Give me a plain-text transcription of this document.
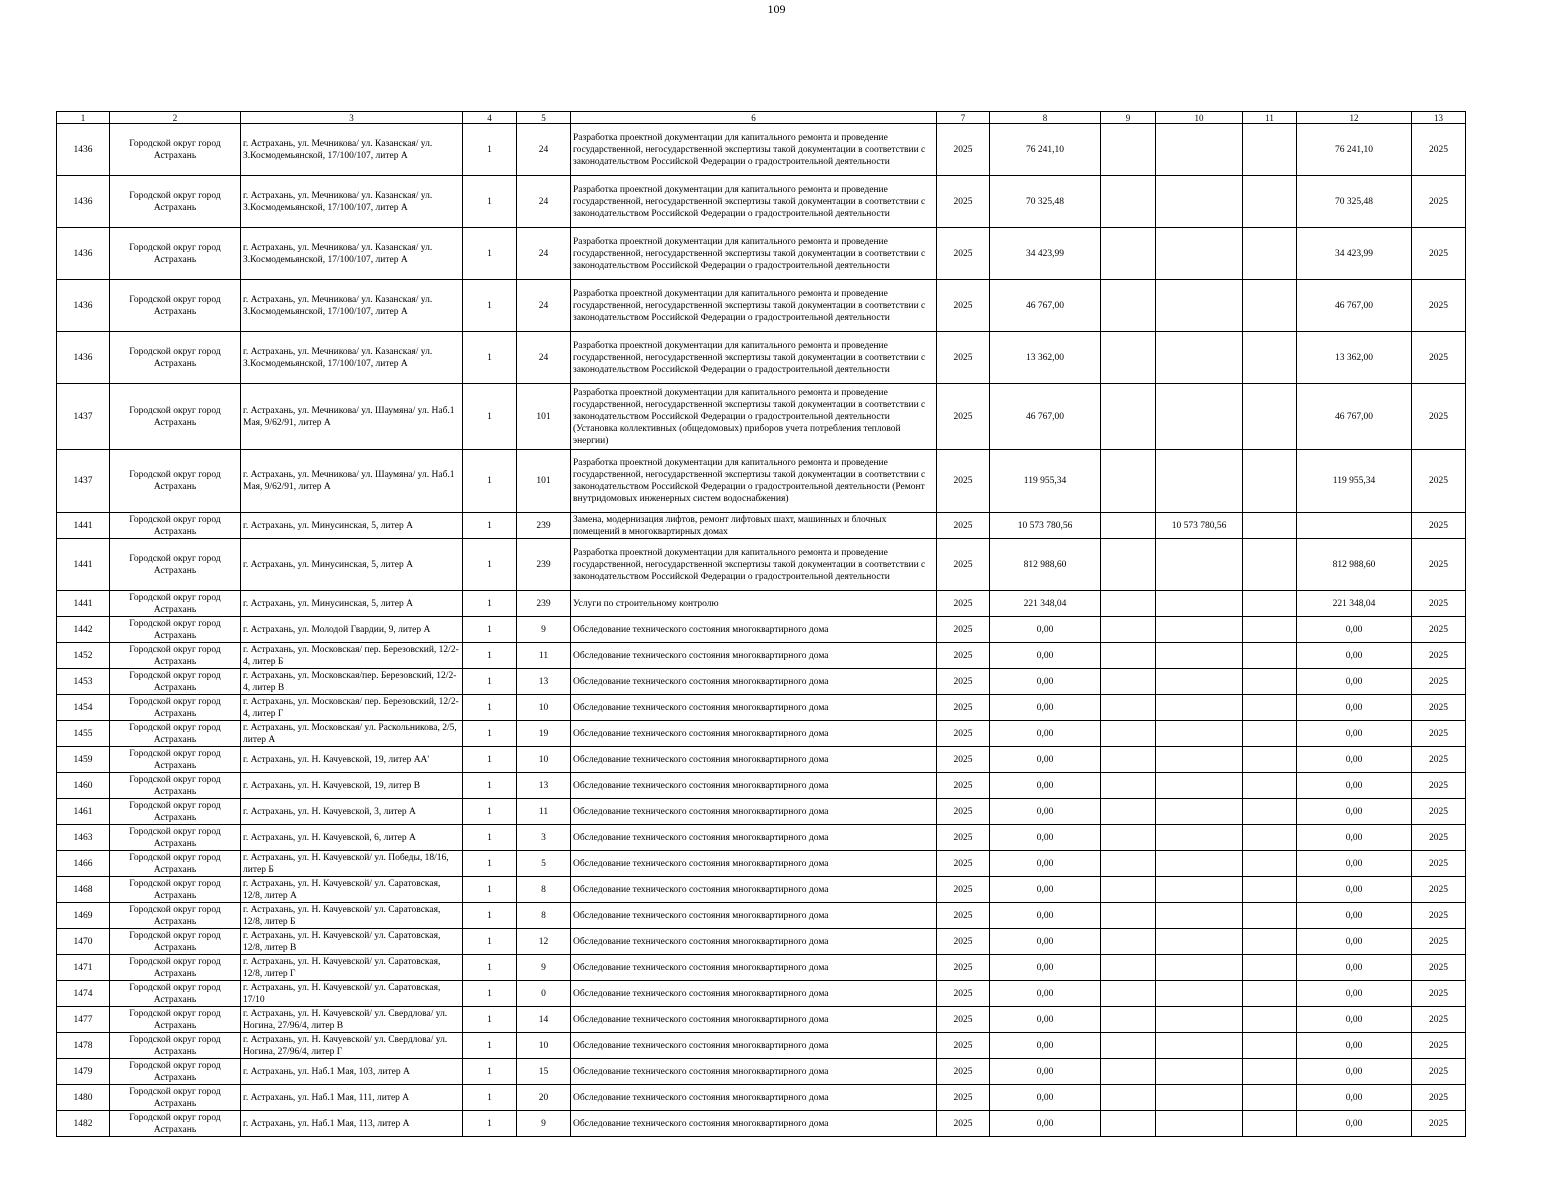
109
1	2	3	4	5	6	7	8	9	10	11	12	13
1436	Городской округ город Астрахань	г. Астрахань, ул. Мечникова/ ул. Казанская/ ул. З.Космодемьянской, 17/100/107, литер А	1	24	Разработка проектной документации для капитального ремонта и проведение государственной, негосударственной экспертизы такой документации в соответствии с законодательством Российской Федерации о градостроительной деятельности	2025	76 241,10				76 241,10	2025
1436	Городской округ город Астрахань	г. Астрахань, ул. Мечникова/ ул. Казанская/ ул. З.Космодемьянской, 17/100/107, литер А	1	24	Разработка проектной документации для капитального ремонта и проведение государственной, негосударственной экспертизы такой документации в соответствии с законодательством Российской Федерации о градостроительной деятельности	2025	70 325,48				70 325,48	2025
1436	Городской округ город Астрахань	г. Астрахань, ул. Мечникова/ ул. Казанская/ ул. З.Космодемьянской, 17/100/107, литер А	1	24	Разработка проектной документации для капитального ремонта и проведение государственной, негосударственной экспертизы такой документации в соответствии с законодательством Российской Федерации о градостроительной деятельности	2025	34 423,99				34 423,99	2025
1436	Городской округ город Астрахань	г. Астрахань, ул. Мечникова/ ул. Казанская/ ул. З.Космодемьянской, 17/100/107, литер А	1	24	Разработка проектной документации для капитального ремонта и проведение государственной, негосударственной экспертизы такой документации в соответствии с законодательством Российской Федерации о градостроительной деятельности	2025	46 767,00				46 767,00	2025
1436	Городской округ город Астрахань	г. Астрахань, ул. Мечникова/ ул. Казанская/ ул. З.Космодемьянской, 17/100/107, литер А	1	24	Разработка проектной документации для капитального ремонта и проведение государственной, негосударственной экспертизы такой документации в соответствии с законодательством Российской Федерации о градостроительной деятельности	2025	13 362,00				13 362,00	2025
1437	Городской округ город Астрахань	г. Астрахань, ул. Мечникова/ ул. Шаумяна/ ул. Наб.1 Мая, 9/62/91, литер А	1	101	Разработка проектной документации для капитального ремонта и проведение государственной, негосударственной экспертизы такой документации в соответствии с законодательством Российской Федерации о градостроительной деятельности (Установка коллективных (общедомовых) приборов учета потребления тепловой энергии)	2025	46 767,00				46 767,00	2025
1437	Городской округ город Астрахань	г. Астрахань, ул. Мечникова/ ул. Шаумяна/ ул. Наб.1 Мая, 9/62/91, литер А	1	101	Разработка проектной документации для капитального ремонта и проведение государственной, негосударственной экспертизы такой документации в соответствии с законодательством Российской Федерации о градостроительной деятельности (Ремонт внутридомовых инженерных систем водоснабжения)	2025	119 955,34				119 955,34	2025
1441	Городской округ город Астрахань	г. Астрахань, ул. Минусинская, 5, литер А	1	239	Замена, модернизация лифтов, ремонт лифтовых шахт, машинных и блочных помещений в многоквартирных домах	2025	10 573 780,56		10 573 780,56			2025
1441	Городской округ город Астрахань	г. Астрахань, ул. Минусинская, 5, литер А	1	239	Разработка проектной документации для капитального ремонта и проведение государственной, негосударственной экспертизы такой документации в соответствии с законодательством Российской Федерации о градостроительной деятельности	2025	812 988,60				812 988,60	2025
1441	Городской округ город Астрахань	г. Астрахань, ул. Минусинская, 5, литер А	1	239	Услуги по строительному контролю	2025	221 348,04				221 348,04	2025
1442	Городской округ город Астрахань	г. Астрахань, ул. Молодой Гвардии, 9, литер А	1	9	Обследование технического состояния многоквартирного дома	2025	0,00				0,00	2025
1452	Городской округ город Астрахань	г. Астрахань, ул. Московская/ пер. Березовский, 12/2-4, литер Б	1	11	Обследование технического состояния многоквартирного дома	2025	0,00				0,00	2025
1453	Городской округ город Астрахань	г. Астрахань, ул. Московская/пер. Березовский, 12/2-4, литер В	1	13	Обследование технического состояния многоквартирного дома	2025	0,00				0,00	2025
1454	Городской округ город Астрахань	г. Астрахань, ул. Московская/ пер. Березовский, 12/2-4, литер Г	1	10	Обследование технического состояния многоквартирного дома	2025	0,00				0,00	2025
1455	Городской округ город Астрахань	г. Астрахань, ул. Московская/ ул. Раскольникова, 2/5, литер А	1	19	Обследование технического состояния многоквартирного дома	2025	0,00				0,00	2025
1459	Городской округ город Астрахань	г. Астрахань, ул. Н. Качуевской, 19, литер АА'	1	10	Обследование технического состояния многоквартирного дома	2025	0,00				0,00	2025
1460	Городской округ город Астрахань	г. Астрахань, ул. Н. Качуевской, 19, литер В	1	13	Обследование технического состояния многоквартирного дома	2025	0,00				0,00	2025
1461	Городской округ город Астрахань	г. Астрахань, ул. Н. Качуевской, 3, литер А	1	11	Обследование технического состояния многоквартирного дома	2025	0,00				0,00	2025
1463	Городской округ город Астрахань	г. Астрахань, ул. Н. Качуевской, 6, литер А	1	3	Обследование технического состояния многоквартирного дома	2025	0,00				0,00	2025
1466	Городской округ город Астрахань	г. Астрахань, ул. Н. Качуевской/ ул. Победы, 18/16, литер Б	1	5	Обследование технического состояния многоквартирного дома	2025	0,00				0,00	2025
1468	Городской округ город Астрахань	г. Астрахань, ул. Н. Качуевской/ ул. Саратовская, 12/8, литер А	1	8	Обследование технического состояния многоквартирного дома	2025	0,00				0,00	2025
1469	Городской округ город Астрахань	г. Астрахань, ул. Н. Качуевской/ ул. Саратовская, 12/8, литер Б	1	8	Обследование технического состояния многоквартирного дома	2025	0,00				0,00	2025
1470	Городской округ город Астрахань	г. Астрахань, ул. Н. Качуевской/ ул. Саратовская, 12/8, литер В	1	12	Обследование технического состояния многоквартирного дома	2025	0,00				0,00	2025
1471	Городской округ город Астрахань	г. Астрахань, ул. Н. Качуевской/ ул. Саратовская, 12/8, литер Г	1	9	Обследование технического состояния многоквартирного дома	2025	0,00				0,00	2025
1474	Городской округ город Астрахань	г. Астрахань, ул. Н. Качуевской/ ул. Саратовская, 17/10	1	0	Обследование технического состояния многоквартирного дома	2025	0,00				0,00	2025
1477	Городской округ город Астрахань	г. Астрахань, ул. Н. Качуевской/ ул. Свердлова/ ул. Ногина, 27/96/4, литер В	1	14	Обследование технического состояния многоквартирного дома	2025	0,00				0,00	2025
1478	Городской округ город Астрахань	г. Астрахань, ул. Н. Качуевской/ ул. Свердлова/ ул. Ногина, 27/96/4, литер Г	1	10	Обследование технического состояния многоквартирного дома	2025	0,00				0,00	2025
1479	Городской округ город Астрахань	г. Астрахань, ул. Наб.1 Мая, 103, литер А	1	15	Обследование технического состояния многоквартирного дома	2025	0,00				0,00	2025
1480	Городской округ город Астрахань	г. Астрахань, ул. Наб.1 Мая, 111, литер А	1	20	Обследование технического состояния многоквартирного дома	2025	0,00				0,00	2025
1482	Городской округ город Астрахань	г. Астрахань, ул. Наб.1 Мая, 113, литер А	1	9	Обследование технического состояния многоквартирного дома	2025	0,00				0,00	2025
